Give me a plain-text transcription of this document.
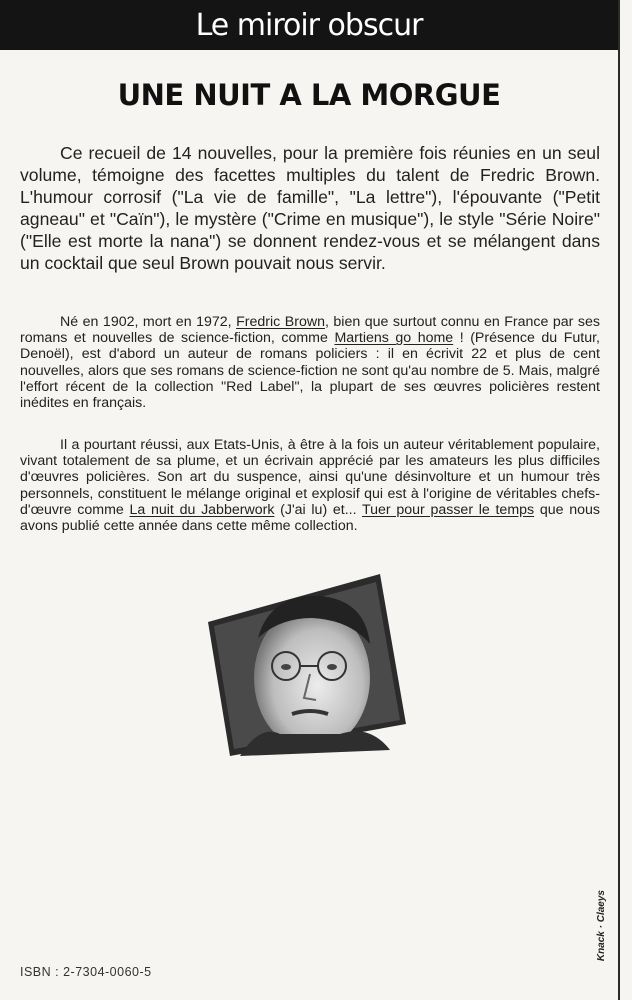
Le miroir obscur
UNE NUIT A LA MORGUE
Ce recueil de 14 nouvelles, pour la première fois réunies en un seul volume, témoigne des facettes multiples du talent de Fredric Brown. L'humour corrosif ("La vie de famille", "La lettre"), l'épouvante ("Petit agneau" et "Caïn"), le mystère ("Crime en musique"), le style "Série Noire" ("Elle est morte la nana") se donnent rendez-vous et se mélangent dans un cocktail que seul Brown pouvait nous servir.
Né en 1902, mort en 1972, Fredric Brown, bien que surtout connu en France par ses romans et nouvelles de science-fiction, comme Martiens go home ! (Présence du Futur, Denoël), est d'abord un auteur de romans policiers : il en écrivit 22 et plus de cent nouvelles, alors que ses romans de science-fiction ne sont qu'au nombre de 5. Mais, malgré l'effort récent de la collection "Red Label", la plupart de ses œuvres policières restent inédites en français.
Il a pourtant réussi, aux Etats-Unis, à être à la fois un auteur véritablement populaire, vivant totalement de sa plume, et un écrivain apprécié par les amateurs les plus difficiles d'œuvres policières. Son art du suspence, ainsi qu'une désinvolture et un humour très personnels, constituent le mélange original et explosif qui est à l'origine de véritables chefs-d'œuvre comme La nuit du Jabberwork (J'ai lu) et... Tuer pour passer le temps que nous avons publié cette année dans cette même collection.
Knack · Claeys
ISBN : 2-7304-0060-5
